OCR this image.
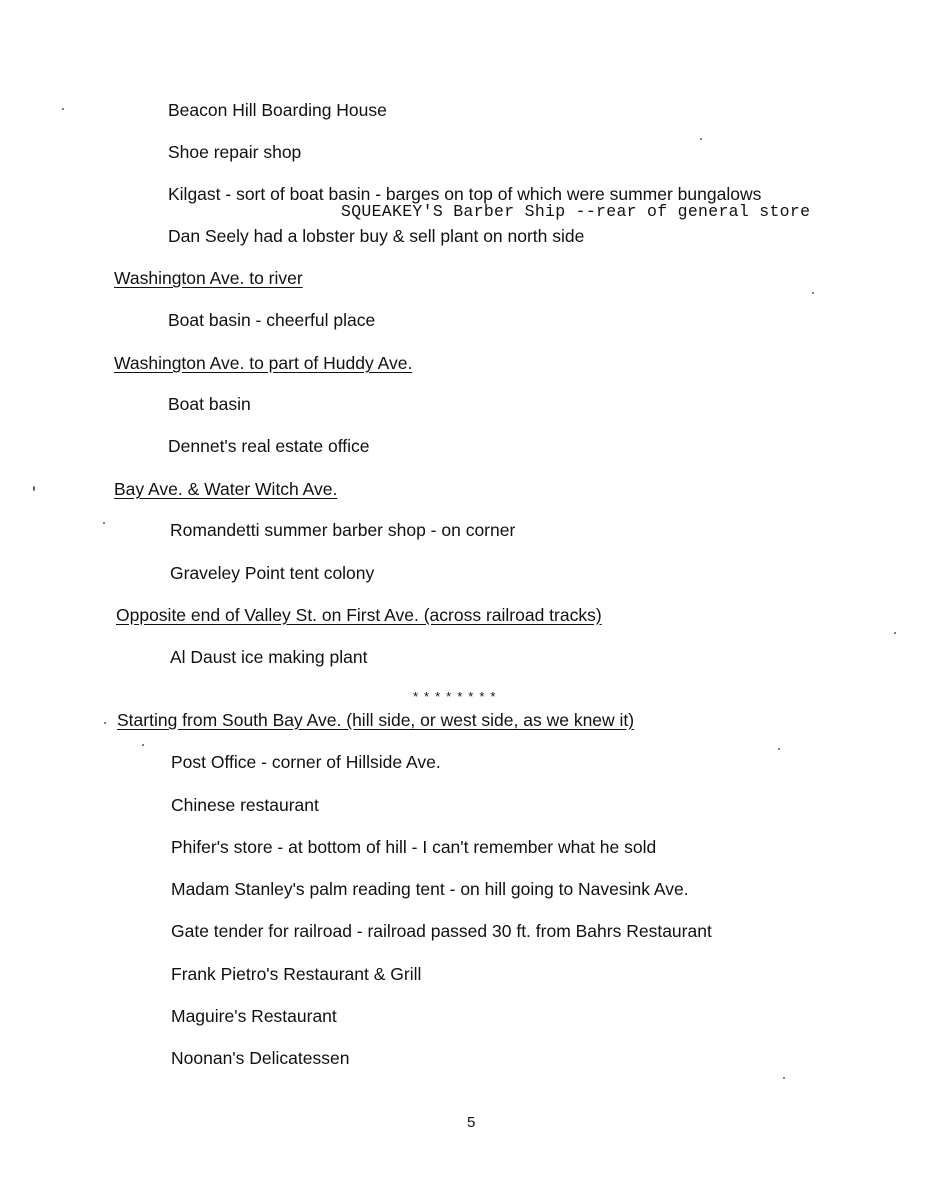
Beacon Hill Boarding House
Shoe repair shop
Kilgast - sort of boat basin - barges on top of which were summer bungalows
SQUEAKEY'S Barber Ship --rear of general store
Dan Seely had a lobster buy & sell plant on north side
Washington Ave. to river
Boat basin - cheerful place
Washington Ave. to part of Huddy Ave.
Boat basin
Dennet's real estate office
Bay Ave. & Water Witch Ave.
Romandetti summer barber shop - on corner
Graveley Point tent colony
Opposite end of Valley St. on First Ave. (across railroad tracks)
Al Daust ice making plant
********
Starting from South Bay Ave. (hill side, or west side, as we knew it)
Post Office - corner of Hillside Ave.
Chinese restaurant
Phifer's store - at bottom of hill - I can't remember what he sold
Madam Stanley's palm reading tent - on hill going to Navesink Ave.
Gate tender for railroad - railroad passed 30 ft. from Bahrs Restaurant
Frank Pietro's Restaurant & Grill
Maguire's Restaurant
Noonan's Delicatessen
5
